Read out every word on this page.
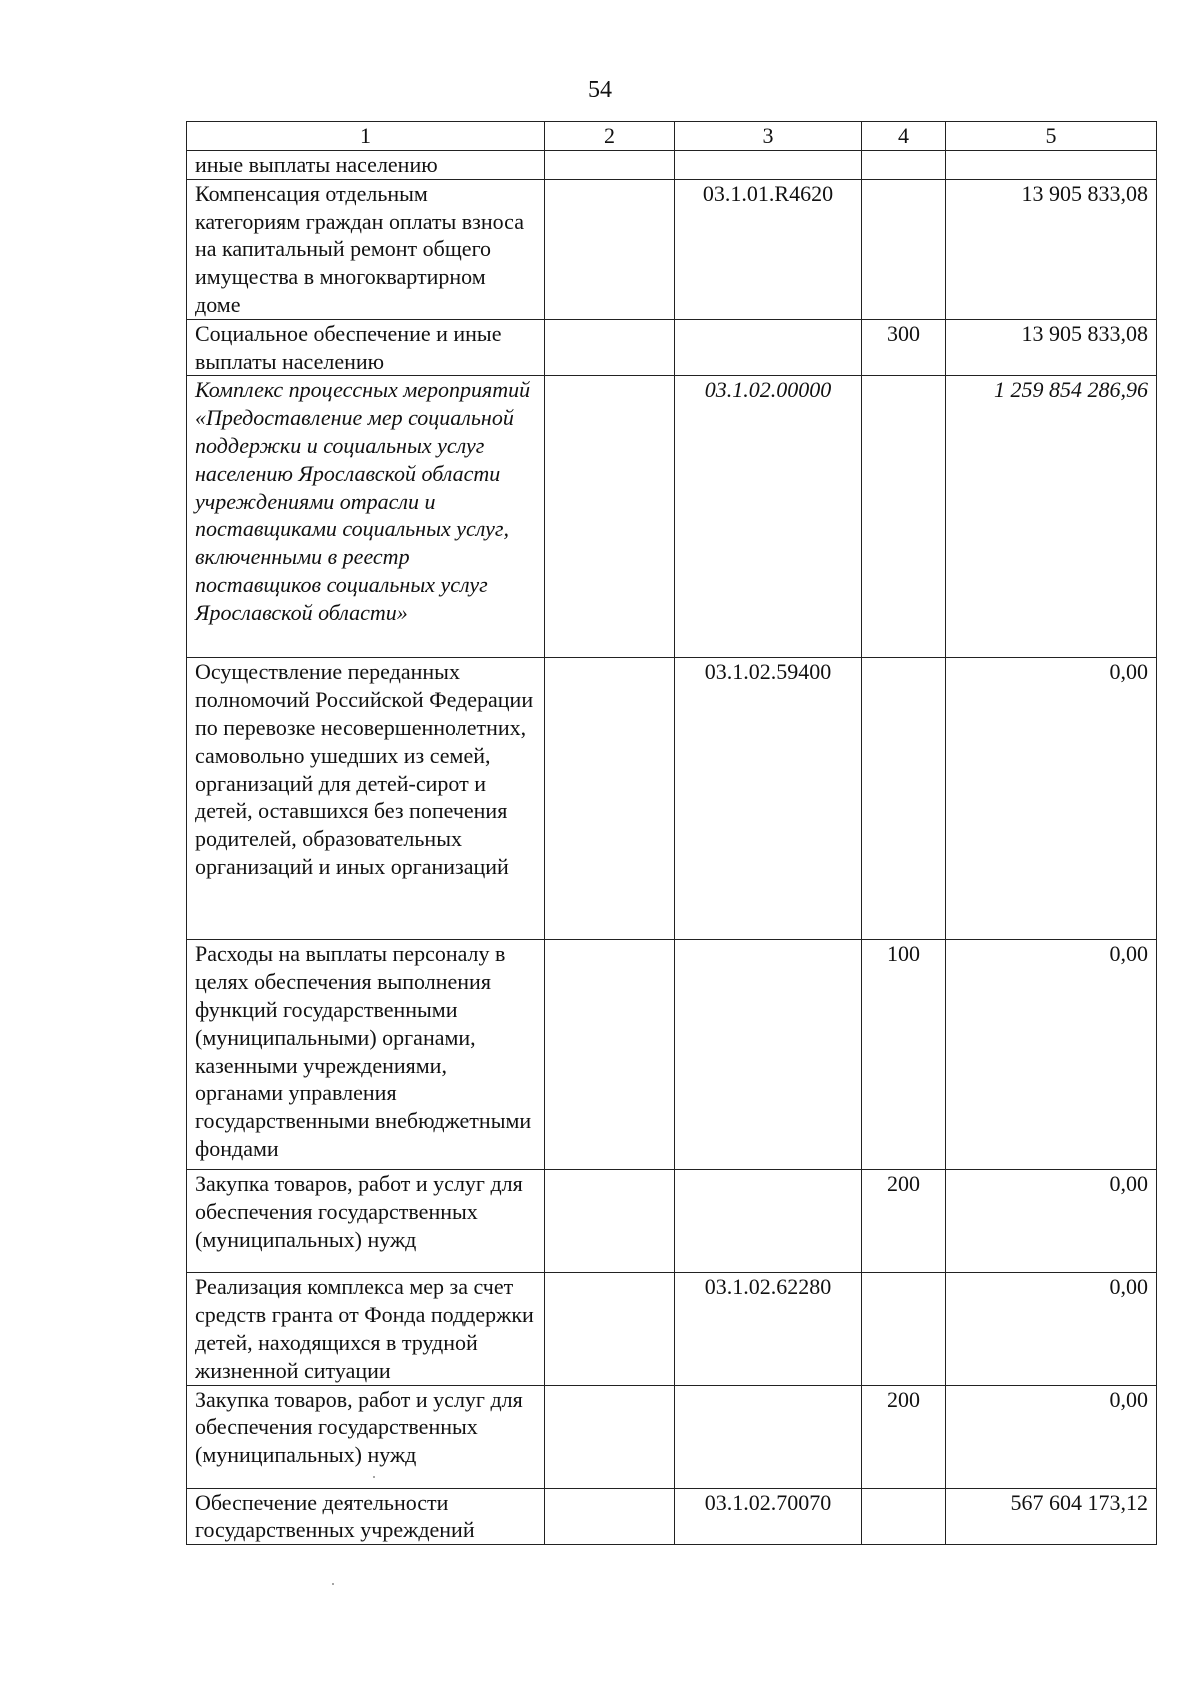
54
1	2	3	4	5
иные выплаты населению				
Компенсация отдельным категориям граждан оплаты взноса на капитальный ремонт общего имущества в многоквартирном доме		03.1.01.R4620		13 905 833,08
Социальное обеспечение и иные выплаты населению			300	13 905 833,08
Комплекс процессных мероприятий «Предоставление мер социальной поддержки и социальных услуг населению Ярославской области учреждениями отрасли и поставщиками социальных услуг, включенными в реестр поставщиков социальных услуг Ярославской области»		03.1.02.00000		1 259 854 286,96
Осуществление переданных полномочий Российской Федерации по перевозке несовершеннолетних, самовольно ушедших из семей, организаций для детей-сирот и детей, оставшихся без попечения родителей, образовательных организаций и иных организаций		03.1.02.59400		0,00
Расходы на выплаты персоналу в целях обеспечения выполнения функций государственными (муниципальными) органами, казенными учреждениями, органами управления государственными внебюджетными фондами			100	0,00
Закупка товаров, работ и услуг для обеспечения государственных (муниципальных) нужд			200	0,00
Реализация комплекса мер за счет средств гранта от Фонда поддержки детей, находящихся в трудной жизненной ситуации		03.1.02.62280		0,00
Закупка товаров, работ и услуг для обеспечения государственных (муниципальных) нужд			200	0,00
Обеспечение деятельности государственных учреждений		03.1.02.70070		567 604 173,12
